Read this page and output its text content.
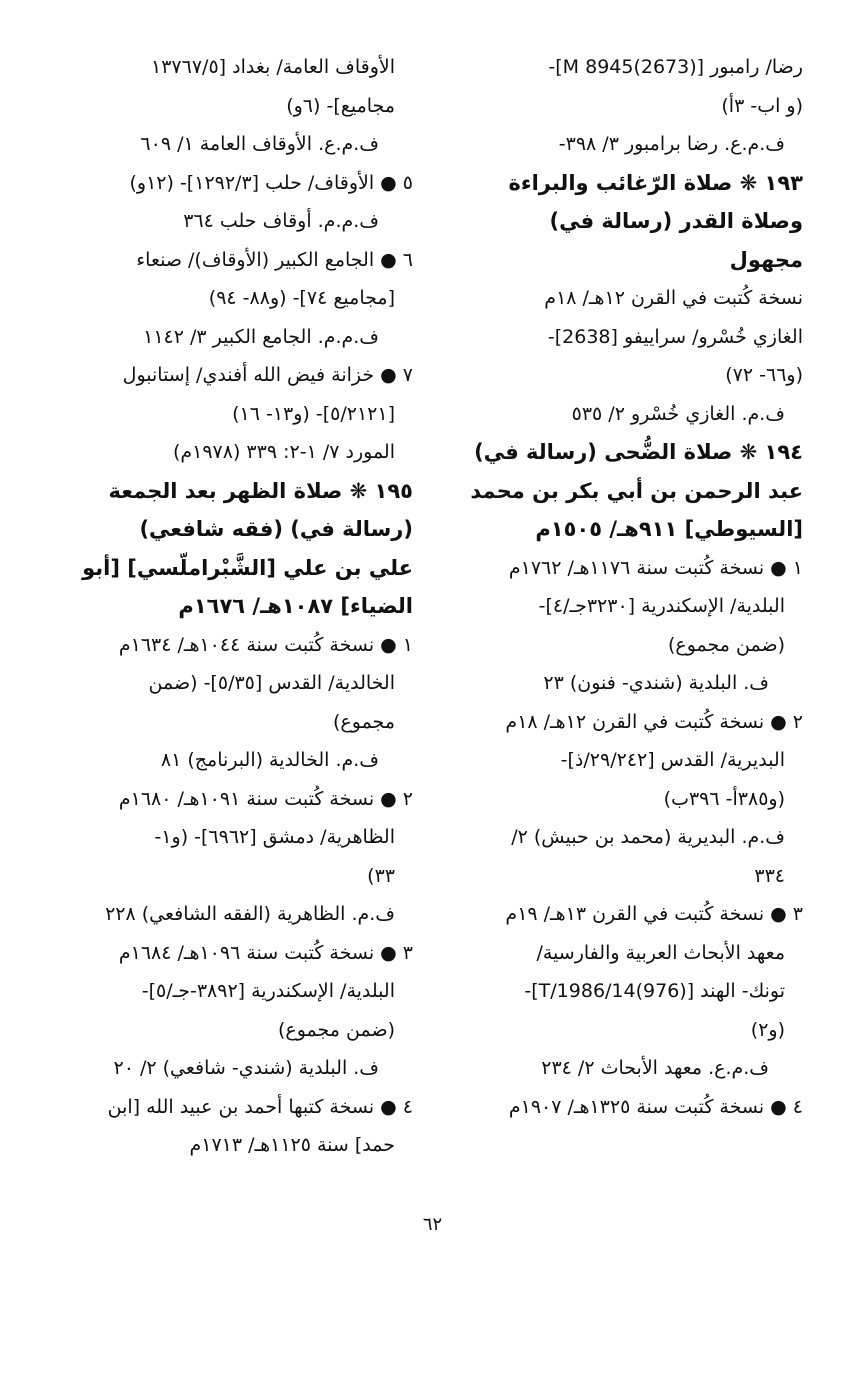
رضا/ رامبور [M 8945(2673)]-
(و اب- ٣أ)
ف.م.ع. رضا برامبور ٣/ ٣٩٨-
١٩٣ ❋ صلاة الرّغائب والبراءة
وصلاة القدر (رسالة في)
مجهول
نسخة كُتبت في القرن ١٢هـ/ ١٨م
الغازي خُسْرو/ سراييفو [2638]-
(و٦٦- ٧٢)
ف.م. الغازي خُسْرو ٢/ ٥٣٥
١٩٤ ❋ صلاة الضُّحى (رسالة في)
عبد الرحمن بن أبي بكر بن محمد
[السيوطي] ٩١١هـ/ ١٥٠٥م
١ ● نسخة كُتبت سنة ١١٧٦هـ/ ١٧٦٢م
البلدية/ الإسكندرية [٣٢٣٠جـ/٤]-
(ضمن مجموع)
ف. البلدية (شندي- فنون) ٢٣
٢ ● نسخة كُتبت في القرن ١٢هـ/ ١٨م
البديرية/ القدس [٢٩/٢٤٢/ذ]-
(و٣٨٥أ- ٣٩٦ب)
ف.م. البديرية (محمد بن حبيش) ٢/
٣٣٤
٣ ● نسخة كُتبت في القرن ١٣هـ/ ١٩م
معهد الأبحاث العربية والفارسية/
تونك- الهند [T/1986/14(976)]-
(و٢)
ف.م.ع. معهد الأبحاث ٢/ ٢٣٤
٤ ● نسخة كُتبت سنة ١٣٢٥هـ/ ١٩٠٧م
الأوقاف العامة/ بغداد [١٣٧٦٧/٥
مجاميع]- (٦و)
ف.م.ع. الأوقاف العامة ١/ ٦٠٩
٥ ● الأوقاف/ حلب [١٢٩٢/٣]- (١٢و)
ف.م.م. أوقاف حلب ٣٦٤
٦ ● الجامع الكبير (الأوقاف)/ صنعاء
[مجاميع ٧٤]- (و٨٨- ٩٤)
ف.م.م. الجامع الكبير ٣/ ١١٤٢
٧ ● خزانة فيض الله أفندي/ إستانبول
[٥/٢١٢١]- (و١٣- ١٦)
المورد ٧/ ١-٢: ٣٣٩ (١٩٧٨م)
١٩٥ ❋ صلاة الظهر بعد الجمعة
(رسالة في) (فقه شافعي)
علي بن علي [الشَّبْراملّسي] [أبو
الضياء] ١٠٨٧هـ/ ١٦٧٦م
١ ● نسخة كُتبت سنة ١٠٤٤هـ/ ١٦٣٤م
الخالدية/ القدس [٥/٣٥]- (ضمن
مجموع)
ف.م. الخالدية (البرنامج) ٨١
٢ ● نسخة كُتبت سنة ١٠٩١هـ/ ١٦٨٠م
الظاهرية/ دمشق [٦٩٦٢]- (و١-
٣٣)
ف.م. الظاهرية (الفقه الشافعي) ٢٢٨
٣ ● نسخة كُتبت سنة ١٠٩٦هـ/ ١٦٨٤م
البلدية/ الإسكندرية [٣٨٩٢-جـ/٥]-
(ضمن مجموع)
ف. البلدية (شندي- شافعي) ٢/ ٢٠
٤ ● نسخة كتبها أحمد بن عبيد الله [ابن
حمد] سنة ١١٢٥هـ/ ١٧١٣م
٦٢
